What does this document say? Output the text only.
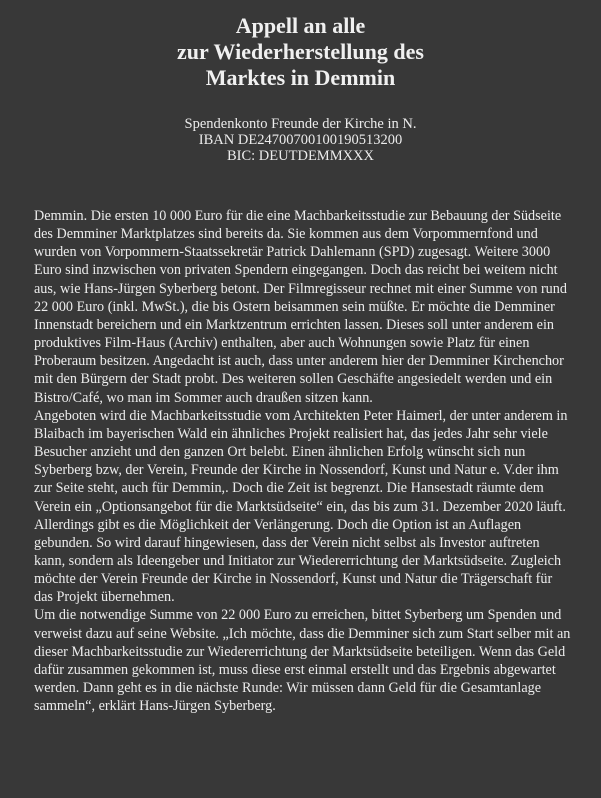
Appell an alle
zur Wiederherstellung des
Marktes in Demmin
Spendenkonto Freunde der Kirche in N.
IBAN DE24700700100190513200
BIC: DEUTDEMMXXX

Demmin. Die ersten 10 000 Euro für die eine Machbarkeitsstudie zur Bebauung der Südseite des Demminer Marktplatzes sind bereits da. Sie kommen aus dem Vorpommernfond und wurden von Vorpommern-Staatssekretär Patrick Dahlemann (SPD) zugesagt. Weitere 3000 Euro sind inzwischen von privaten Spendern eingegangen. Doch das reicht bei weitem nicht aus, wie Hans-Jürgen Syberberg betont. Der Filmregisseur rechnet mit einer Summe von rund 22 000 Euro (inkl. MwSt.), die bis Ostern beisammen sein müßte. Er möchte die Demminer Innenstadt bereichern und ein Marktzentrum errichten lassen. Dieses soll unter anderem ein produktives Film-Haus (Archiv) enthalten, aber auch Wohnungen sowie Platz für einen Proberaum besitzen. Angedacht ist auch, dass unter anderem hier der Demminer Kirchenchor mit den Bürgern der Stadt probt. Des weiteren sollen Geschäfte angesiedelt werden und ein Bistro/Café, wo man im Sommer auch draußen sitzen kann.

Angeboten wird die Machbarkeitsstudie vom Architekten Peter Haimerl, der unter anderem in Blaibach im bayerischen Wald ein ähnliches Projekt realisiert hat, das jedes Jahr sehr viele Besucher anzieht und den ganzen Ort belebt. Einen ähnlichen Erfolg wünscht sich nun Syberberg bzw, der Verein, Freunde der Kirche in Nossendorf, Kunst und Natur e. V.der ihm zur Seite steht, auch für Demmin,. Doch die Zeit ist begrenzt. Die Hansestadt räumte dem Verein ein „Optionsangebot für die Marktsüdseite“ ein, das bis zum 31. Dezember 2020 läuft. Allerdings gibt es die Möglichkeit der Verlängerung. Doch die Option ist an Auflagen gebunden. So wird darauf hingewiesen, dass der Verein nicht selbst als Investor auftreten kann, sondern als Ideengeber und Initiator zur Wiedererrichtung der Marktsüdseite. Zugleich möchte der Verein Freunde der Kirche in Nossendorf, Kunst und Natur die Trägerschaft für das Projekt übernehmen.

Um die notwendige Summe von 22 000 Euro zu erreichen, bittet Syberberg um Spenden und verweist dazu auf seine Website. „Ich möchte, dass die Demminer sich zum Start selber mit an dieser Machbarkeitsstudie zur Wiedererrichtung der Marktsüdseite beteiligen. Wenn das Geld dafür zusammen gekommen ist, muss diese erst einmal erstellt und das Ergebnis abgewartet werden. Dann geht es in die nächste Runde: Wir müssen dann Geld für die Gesamtanlage sammeln“, erklärt Hans-Jürgen Syberberg.
